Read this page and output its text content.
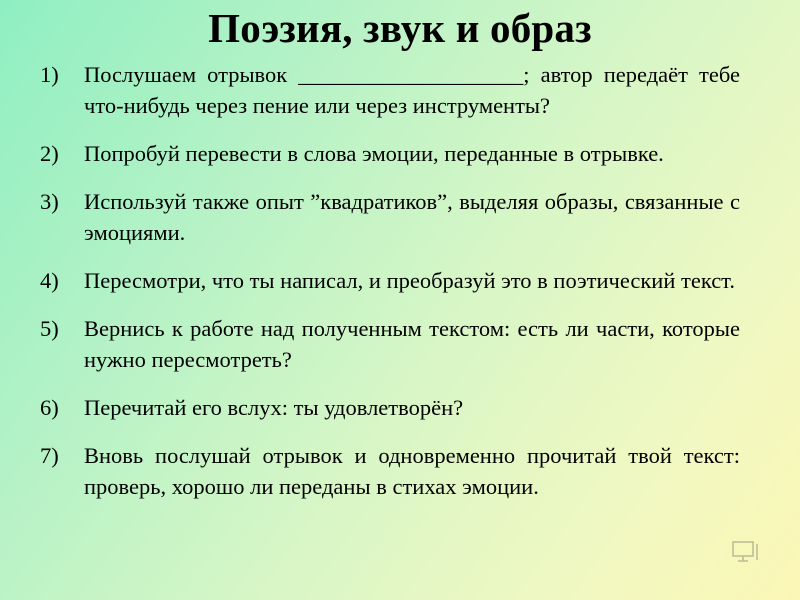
Поэзия, звук и образ
1) Послушаем отрывок ____________________; автор передаёт тебе что-нибудь через пение или через инструменты?
2) Попробуй перевести в слова эмоции, переданные в отрывке.
3) Используй также опыт ”квадратиков”, выделяя образы, связанные с эмоциями.
4) Пересмотри, что ты написал, и преобразуй это в поэтический текст.
5) Вернись к работе над полученным текстом: есть ли части, которые нужно пересмотреть?
6) Перечитай его вслух: ты удовлетворён?
7) Вновь послушай отрывок и одновременно прочитай твой текст: проверь, хорошо ли переданы в стихах эмоции.
